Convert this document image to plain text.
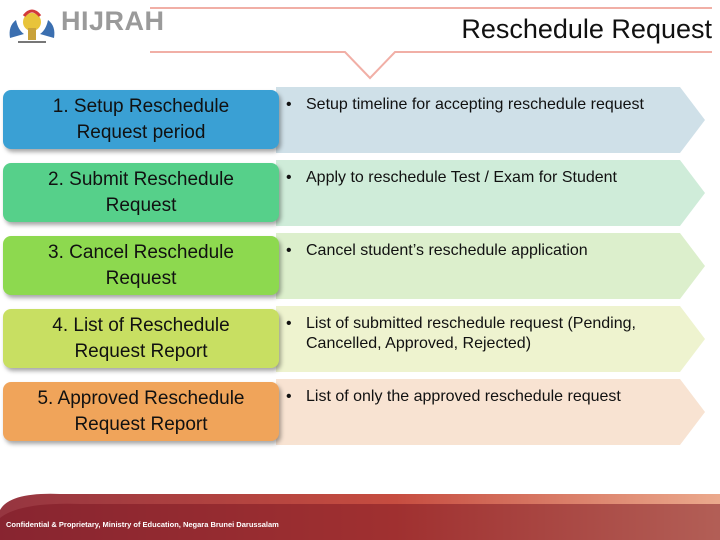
HIJRAH	Reschedule Request
1. Setup Reschedule
Request period
• Setup timeline for accepting reschedule request
2. Submit Reschedule
Request
• Apply to reschedule Test / Exam for Student
3. Cancel Reschedule
Request
• Cancel student’s reschedule application
4. List of Reschedule
Request Report
• List of submitted reschedule request (Pending, Cancelled, Approved, Rejected)
5. Approved Reschedule
Request Report
• List of only the approved reschedule request
Confidential & Proprietary, Ministry of Education, Negara Brunei Darussalam
